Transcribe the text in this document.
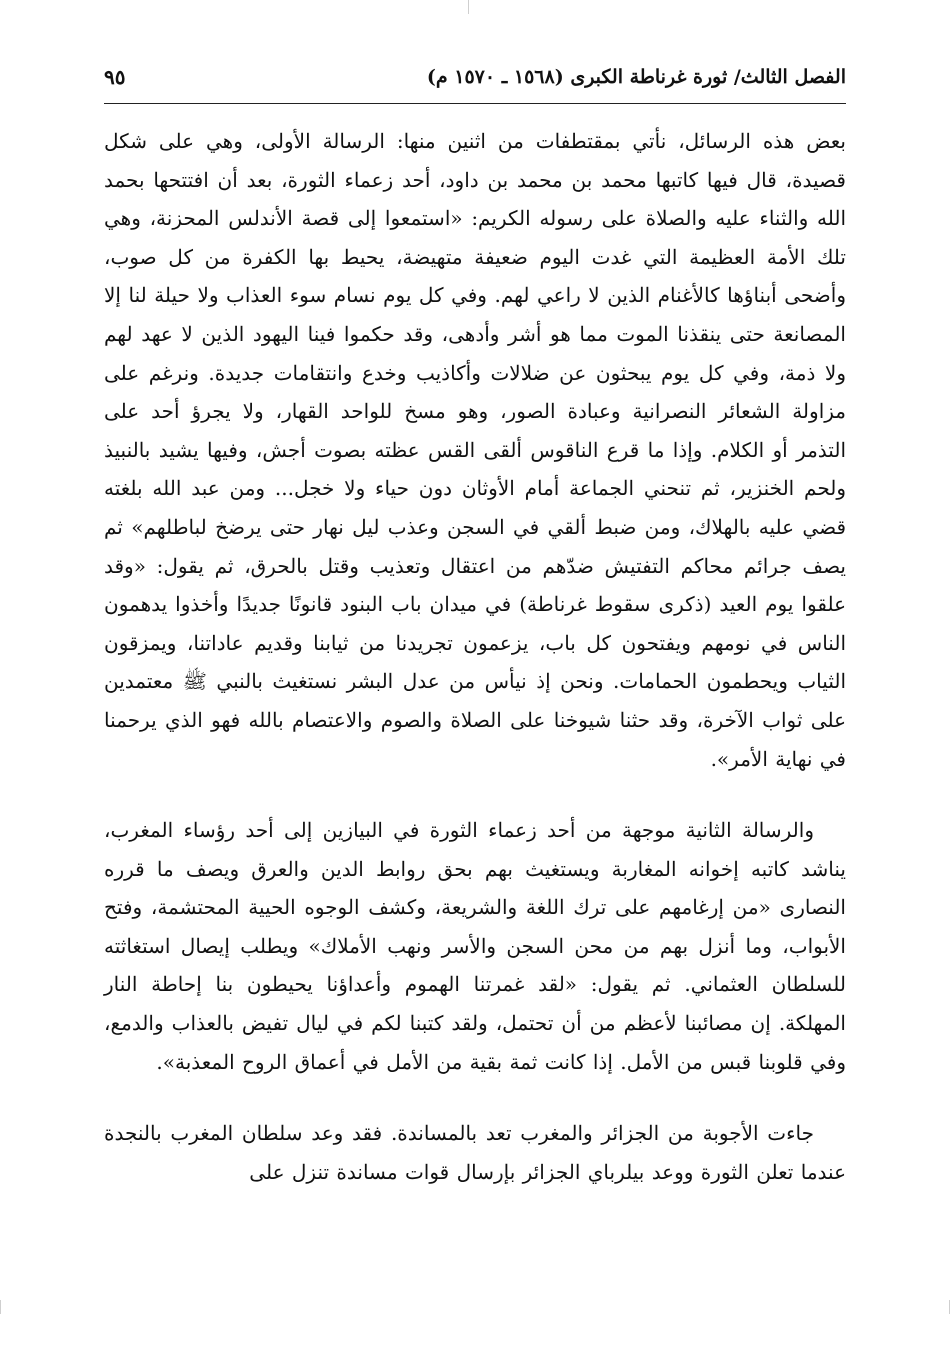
الفصل الثالث/ ثورة غرناطة الكبرى (١٥٦٨ ـ ١٥٧٠ م)
٩٥

بعض هذه الرسائل، نأتي بمقتطفات من اثنين منها: الرسالة الأولى، وهي على شكل قصيدة، قال فيها كاتبها محمد بن محمد بن داود، أحد زعماء الثورة، بعد أن افتتحها بحمد الله والثناء عليه والصلاة على رسوله الكريم: «استمعوا إلى قصة الأندلس المحزنة، وهي تلك الأمة العظيمة التي غدت اليوم ضعيفة متهيضة، يحيط بها الكفرة من كل صوب، وأضحى أبناؤها كالأغنام الذين لا راعي لهم. وفي كل يوم نسام سوء العذاب ولا حيلة لنا إلا المصانعة حتى ينقذنا الموت مما هو أشر وأدهى، وقد حكموا فينا اليهود الذين لا عهد لهم ولا ذمة، وفي كل يوم يبحثون عن ضلالات وأكاذيب وخدع وانتقامات جديدة. ونرغم على مزاولة الشعائر النصرانية وعبادة الصور، وهو مسخ للواحد القهار، ولا يجرؤ أحد على التذمر أو الكلام. وإذا ما قرع الناقوس ألقى القس عظته بصوت أجش، وفيها يشيد بالنبيذ ولحم الخنزير، ثم تنحني الجماعة أمام الأوثان دون حياء ولا خجل... ومن عبد الله بلغته قضي عليه بالهلاك، ومن ضبط ألقي في السجن وعذب ليل نهار حتى يرضخ لباطلهم» ثم يصف جرائم محاكم التفتيش ضدّهم من اعتقال وتعذيب وقتل بالحرق، ثم يقول: «وقد علقوا يوم العيد (ذكرى سقوط غرناطة) في ميدان باب البنود قانونًا جديدًا وأخذوا يدهمون الناس في نومهم ويفتحون كل باب، يزعمون تجريدنا من ثيابنا وقديم عاداتنا، ويمزقون الثياب ويحطمون الحمامات. ونحن إذ نيأس من عدل البشر نستغيث بالنبي ﷺ معتمدين على ثواب الآخرة، وقد حثنا شيوخنا على الصلاة والصوم والاعتصام بالله فهو الذي يرحمنا في نهاية الأمر».

والرسالة الثانية موجهة من أحد زعماء الثورة في البيازين إلى أحد رؤساء المغرب، يناشد كاتبه إخوانه المغاربة ويستغيث بهم بحق روابط الدين والعرق ويصف ما قرره النصارى «من إرغامهم على ترك اللغة والشريعة، وكشف الوجوه الحيية المحتشمة، وفتح الأبواب، وما أنزل بهم من محن السجن والأسر ونهب الأملاك» ويطلب إيصال استغاثته للسلطان العثماني. ثم يقول: «لقد غمرتنا الهموم وأعداؤنا يحيطون بنا إحاطة النار المهلكة. إن مصائبنا لأعظم من أن تحتمل، ولقد كتبنا لكم في ليال تفيض بالعذاب والدمع، وفي قلوبنا قبس من الأمل. إذا كانت ثمة بقية من الأمل في أعماق الروح المعذبة».

جاءت الأجوبة من الجزائر والمغرب تعد بالمساندة. فقد وعد سلطان المغرب بالنجدة عندما تعلن الثورة ووعد بيلرباي الجزائر بإرسال قوات مساندة تنزل على
